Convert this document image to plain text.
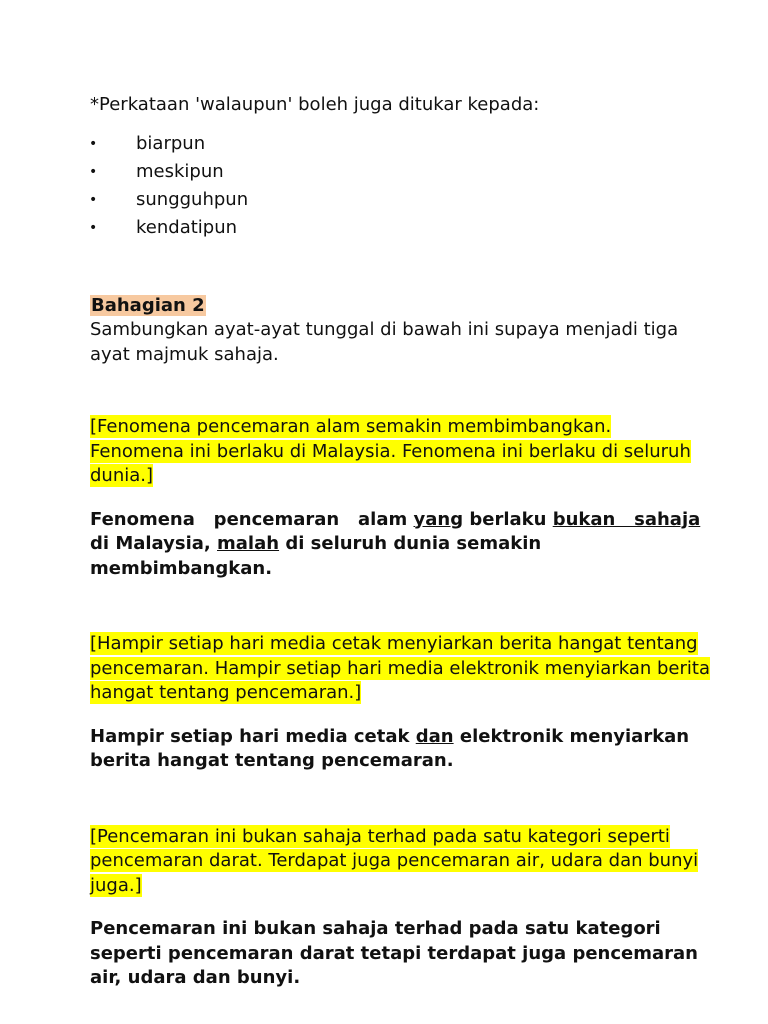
*Perkataan 'walaupun' boleh juga ditukar kepada:

• biarpun
• meskipun
• sungguhpun
• kendatipun

Bahagian 2

Sambungkan ayat-ayat tunggal di bawah ini supaya menjadi tiga ayat majmuk sahaja.

[Fenomena pencemaran alam semakin membimbangkan. Fenomena ini berlaku di Malaysia. Fenomena ini berlaku di seluruh dunia.]

Fenomena   pencemaran   alam yang berlaku bukan   sahaja di Malaysia, malah di seluruh dunia semakin membimbangkan.

[Hampir setiap hari media cetak menyiarkan berita hangat tentang pencemaran. Hampir setiap hari media elektronik menyiarkan berita hangat tentang pencemaran.]

Hampir setiap hari media cetak dan elektronik menyiarkan berita hangat tentang pencemaran.

[Pencemaran ini bukan sahaja terhad pada satu kategori seperti pencemaran darat. Terdapat juga pencemaran air, udara dan bunyi juga.]

Pencemaran ini bukan sahaja terhad pada satu kategori seperti pencemaran darat tetapi terdapat juga pencemaran air, udara dan bunyi.
